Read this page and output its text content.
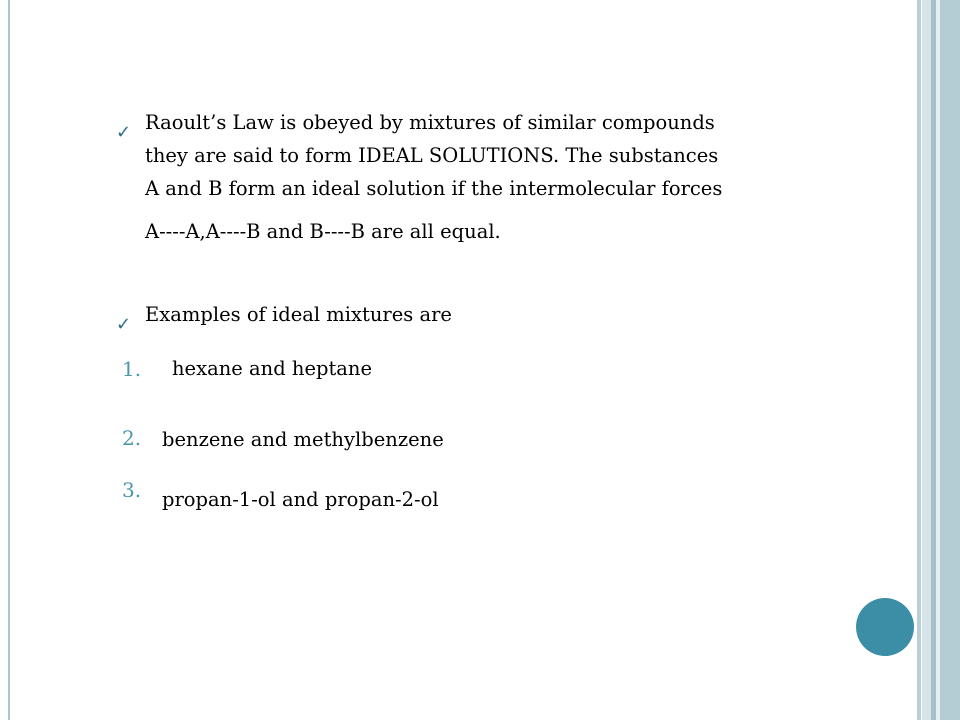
✓ Raoult’s Law is obeyed by mixtures of similar compounds
they are said to form IDEAL SOLUTIONS. The substances
A and B form an ideal solution if the intermolecular forces
A----A,A----B and B----B are all equal.
✓ Examples of ideal mixtures are
1. hexane and heptane
2. benzene and methylbenzene
3. propan-1-ol and propan-2-ol
